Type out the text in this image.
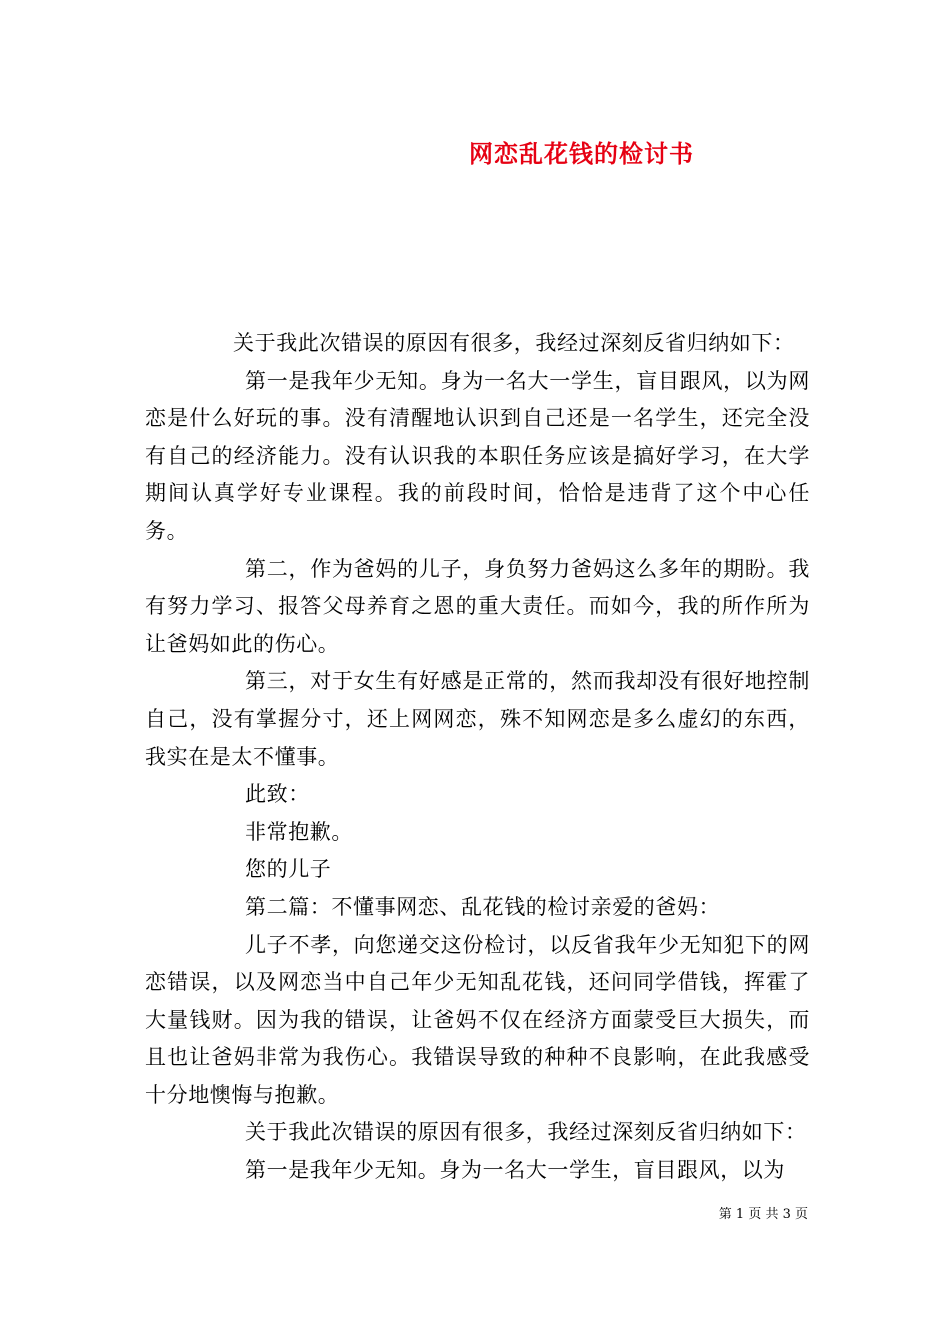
网恋乱花钱的检讨书

关于我此次错误的原因有很多，我经过深刻反省归纳如下：

第一是我年少无知。身为一名大一学生，盲目跟风，以为网恋是什么好玩的事。没有清醒地认识到自己还是一名学生，还完全没有自己的经济能力。没有认识我的本职任务应该是搞好学习，在大学期间认真学好专业课程。我的前段时间，恰恰是违背了这个中心任务。

第二，作为爸妈的儿子，身负努力爸妈这么多年的期盼。我有努力学习、报答父母养育之恩的重大责任。而如今，我的所作所为让爸妈如此的伤心。

第三，对于女生有好感是正常的，然而我却没有很好地控制自己，没有掌握分寸，还上网网恋，殊不知网恋是多么虚幻的东西，我实在是太不懂事。

此致：

非常抱歉。

您的儿子

第二篇：不懂事网恋、乱花钱的检讨亲爱的爸妈：

儿子不孝，向您递交这份检讨，以反省我年少无知犯下的网恋错误，以及网恋当中自己年少无知乱花钱，还问同学借钱，挥霍了大量钱财。因为我的错误，让爸妈不仅在经济方面蒙受巨大损失，而且也让爸妈非常为我伤心。我错误导致的种种不良影响，在此我感受十分地懊悔与抱歉。

关于我此次错误的原因有很多，我经过深刻反省归纳如下：

第一是我年少无知。身为一名大一学生，盲目跟风，以为

第 1 页 共 3 页
